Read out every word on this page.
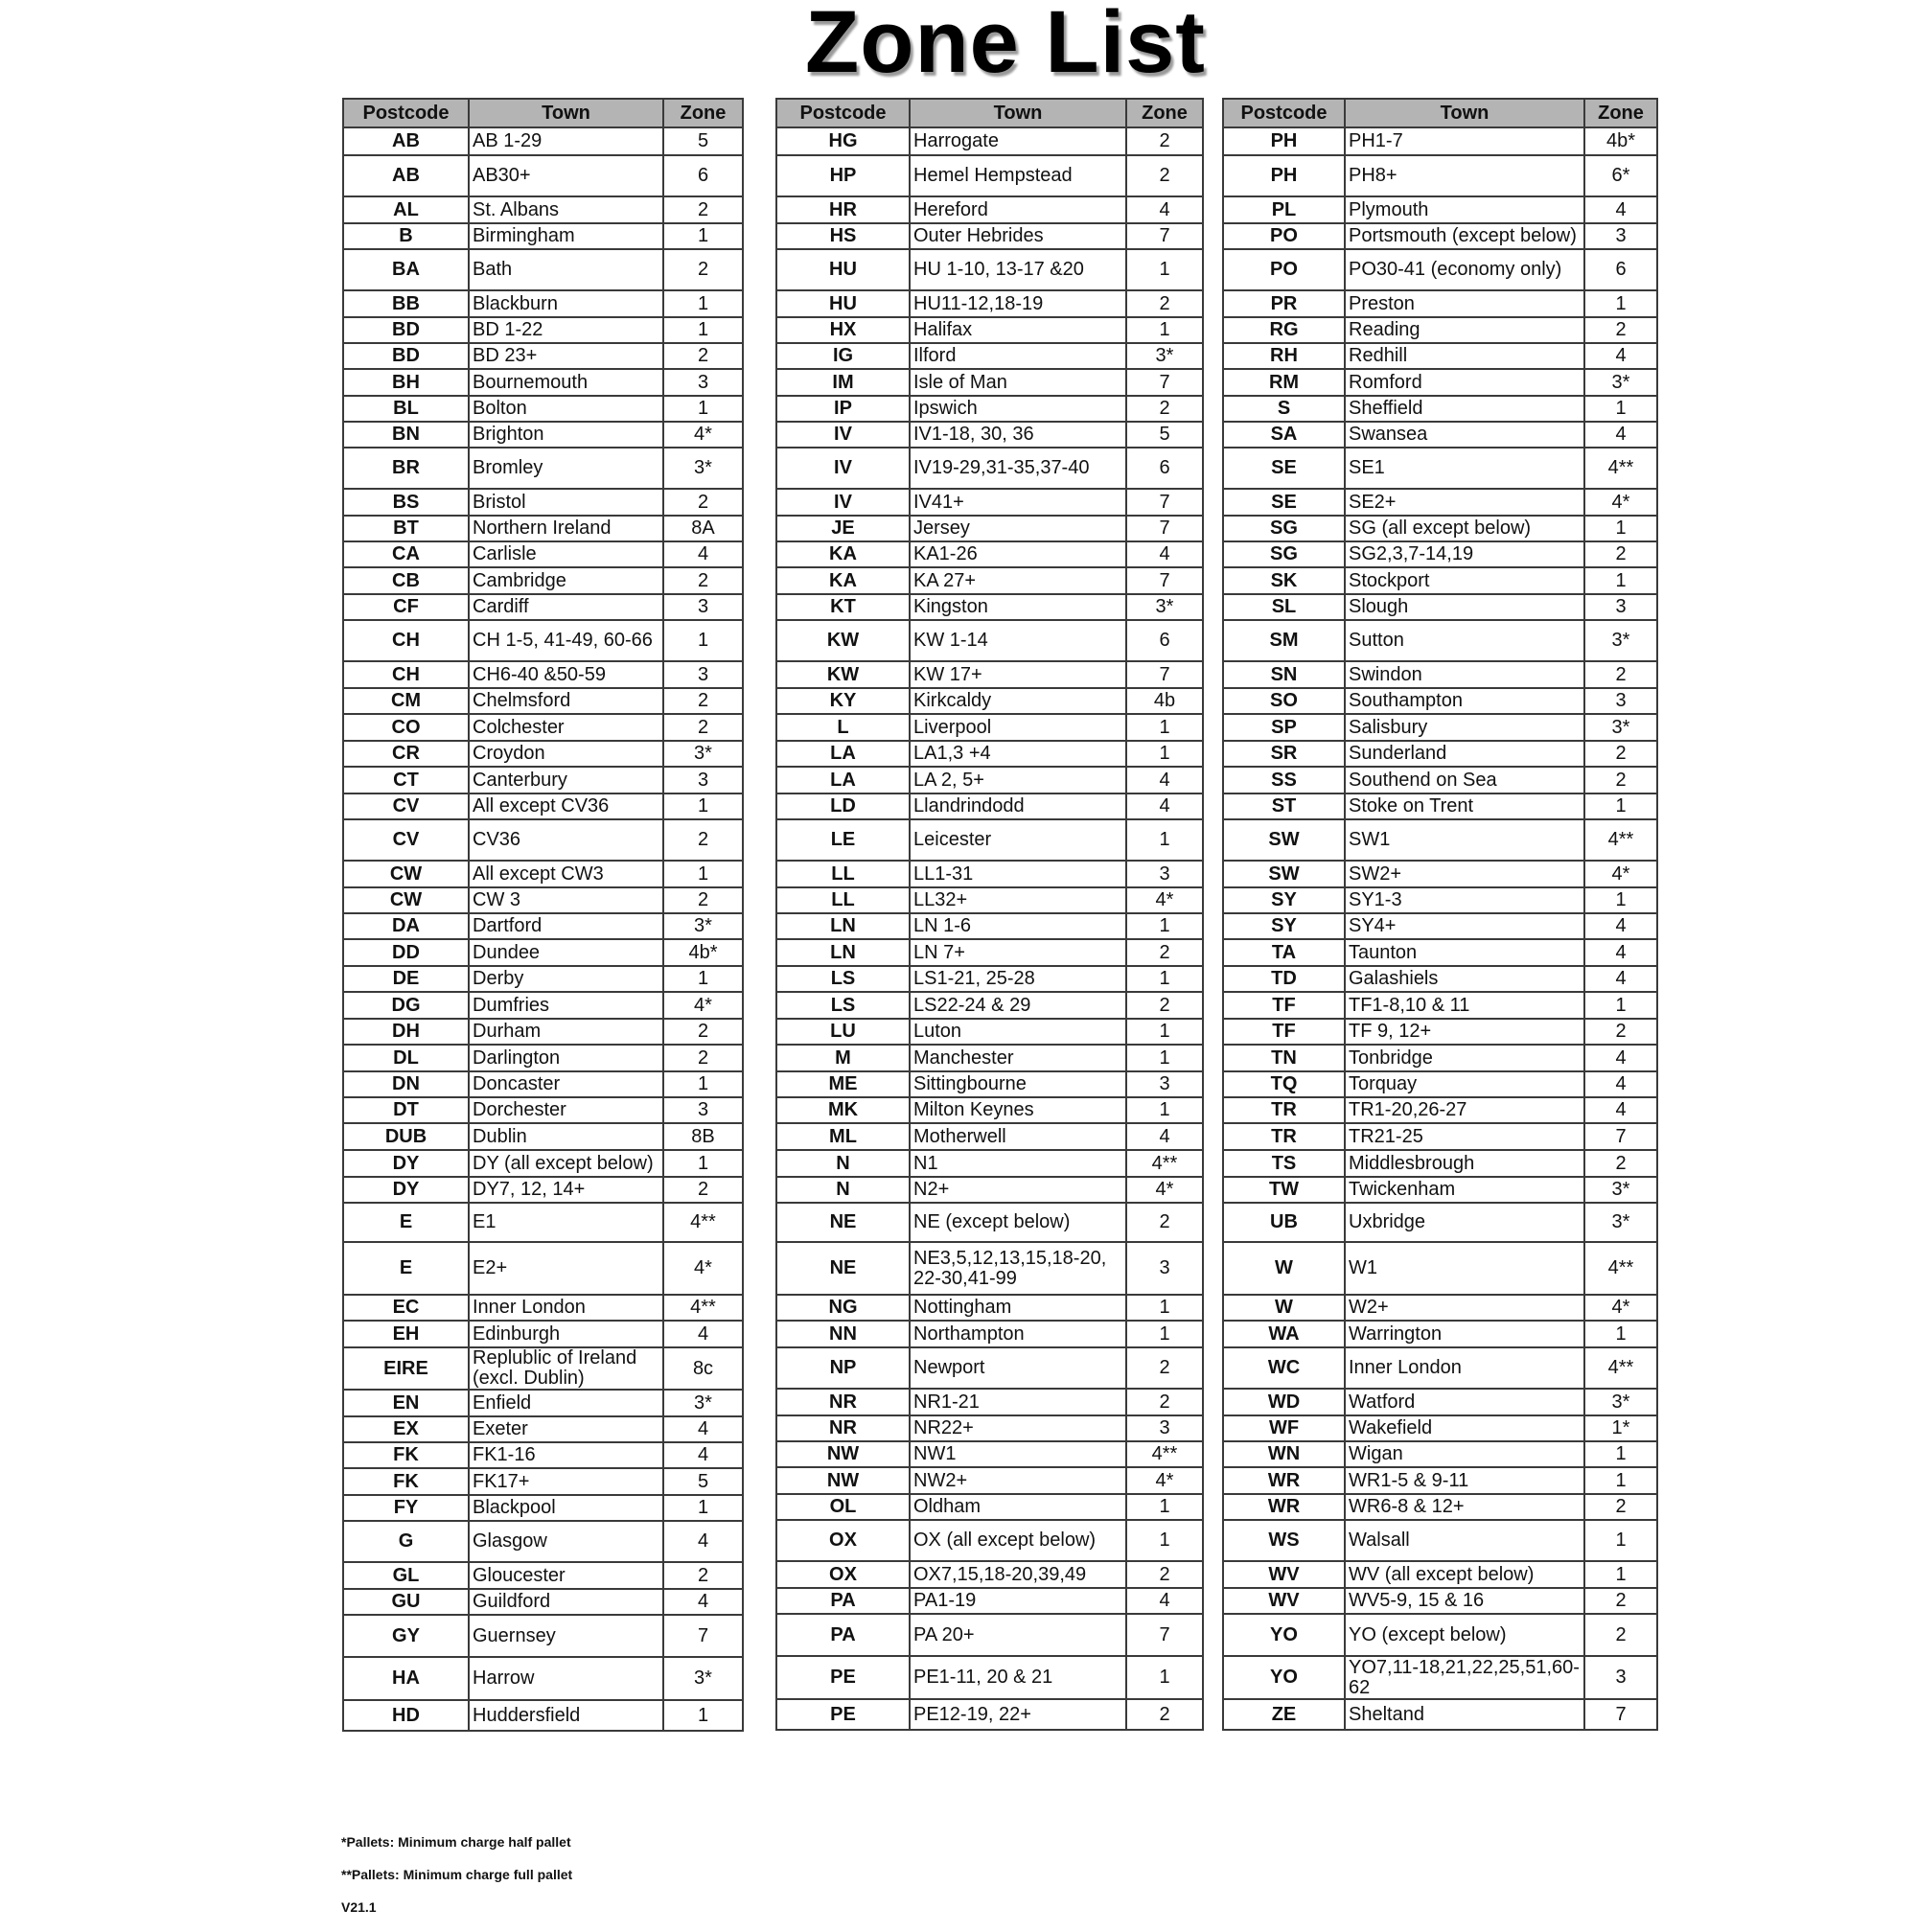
Zone List
Postcode	Town	Zone
AB	AB 1-29	5
AB	AB30+	6
AL	St. Albans	2
B	Birmingham	1
BA	Bath	2
BB	Blackburn	1
BD	BD 1-22	1
BD	BD 23+	2
BH	Bournemouth	3
BL	Bolton	1
BN	Brighton	4*
BR	Bromley	3*
BS	Bristol	2
BT	Northern Ireland	8A
CA	Carlisle	4
CB	Cambridge	2
CF	Cardiff	3
CH	CH 1-5, 41-49, 60-66	1
CH	CH6-40 &50-59	3
CM	Chelmsford	2
CO	Colchester	2
CR	Croydon	3*
CT	Canterbury	3
CV	All except CV36	1
CV	CV36	2
CW	All except CW3	1
CW	CW 3	2
DA	Dartford	3*
DD	Dundee	4b*
DE	Derby	1
DG	Dumfries	4*
DH	Durham	2
DL	Darlington	2
DN	Doncaster	1
DT	Dorchester	3
DUB	Dublin	8B
DY	DY (all except below)	1
DY	DY7, 12, 14+	2
E	E1	4**
E	E2+	4*
EC	Inner London	4**
EH	Edinburgh	4
EIRE	Replublic of Ireland (excl. Dublin)	8c
EN	Enfield	3*
EX	Exeter	4
FK	FK1-16	4
FK	FK17+	5
FY	Blackpool	1
G	Glasgow	4
GL	Gloucester	2
GU	Guildford	4
GY	Guernsey	7
HA	Harrow	3*
HD	Huddersfield	1
Postcode	Town	Zone
HG	Harrogate	2
HP	Hemel Hempstead	2
HR	Hereford	4
HS	Outer Hebrides	7
HU	HU 1-10, 13-17 &20	1
HU	HU11-12,18-19	2
HX	Halifax	1
IG	Ilford	3*
IM	Isle of Man	7
IP	Ipswich	2
IV	IV1-18, 30, 36	5
IV	IV19-29,31-35,37-40	6
IV	IV41+	7
JE	Jersey	7
KA	KA1-26	4
KA	KA 27+	7
KT	Kingston	3*
KW	KW 1-14	6
KW	KW 17+	7
KY	Kirkcaldy	4b
L	Liverpool	1
LA	LA1,3 +4	1
LA	LA 2, 5+	4
LD	Llandrindodd	4
LE	Leicester	1
LL	LL1-31	3
LL	LL32+	4*
LN	LN 1-6	1
LN	LN 7+	2
LS	LS1-21, 25-28	1
LS	LS22-24 & 29	2
LU	Luton	1
M	Manchester	1
ME	Sittingbourne	3
MK	Milton Keynes	1
ML	Motherwell	4
N	N1	4**
N	N2+	4*
NE	NE (except below)	2
NE	NE3,5,12,13,15,18-20, 22-30,41-99	3
NG	Nottingham	1
NN	Northampton	1
NP	Newport	2
NR	NR1-21	2
NR	NR22+	3
NW	NW1	4**
NW	NW2+	4*
OL	Oldham	1
OX	OX (all except below)	1
OX	OX7,15,18-20,39,49	2
PA	PA1-19	4
PA	PA 20+	7
PE	PE1-11, 20 & 21	1
PE	PE12-19, 22+	2
Postcode	Town	Zone
PH	PH1-7	4b*
PH	PH8+	6*
PL	Plymouth	4
PO	Portsmouth (except below)	3
PO	PO30-41 (economy only)	6
PR	Preston	1
RG	Reading	2
RH	Redhill	4
RM	Romford	3*
S	Sheffield	1
SA	Swansea	4
SE	SE1	4**
SE	SE2+	4*
SG	SG (all except below)	1
SG	SG2,3,7-14,19	2
SK	Stockport	1
SL	Slough	3
SM	Sutton	3*
SN	Swindon	2
SO	Southampton	3
SP	Salisbury	3*
SR	Sunderland	2
SS	Southend on Sea	2
ST	Stoke on Trent	1
SW	SW1	4**
SW	SW2+	4*
SY	SY1-3	1
SY	SY4+	4
TA	Taunton	4
TD	Galashiels	4
TF	TF1-8,10 & 11	1
TF	TF 9, 12+	2
TN	Tonbridge	4
TQ	Torquay	4
TR	TR1-20,26-27	4
TR	TR21-25	7
TS	Middlesbrough	2
TW	Twickenham	3*
UB	Uxbridge	3*
W	W1	4**
W	W2+	4*
WA	Warrington	1
WC	Inner London	4**
WD	Watford	3*
WF	Wakefield	1*
WN	Wigan	1
WR	WR1-5 & 9-11	1
WR	WR6-8 & 12+	2
WS	Walsall	1
WV	WV (all except below)	1
WV	WV5-9, 15 & 16	2
YO	YO (except below)	2
YO	YO7,11-18,21,22,25,51,60-62	3
ZE	Sheltand	7
*Pallets: Minimum charge half pallet
**Pallets: Minimum charge full pallet
V21.1
